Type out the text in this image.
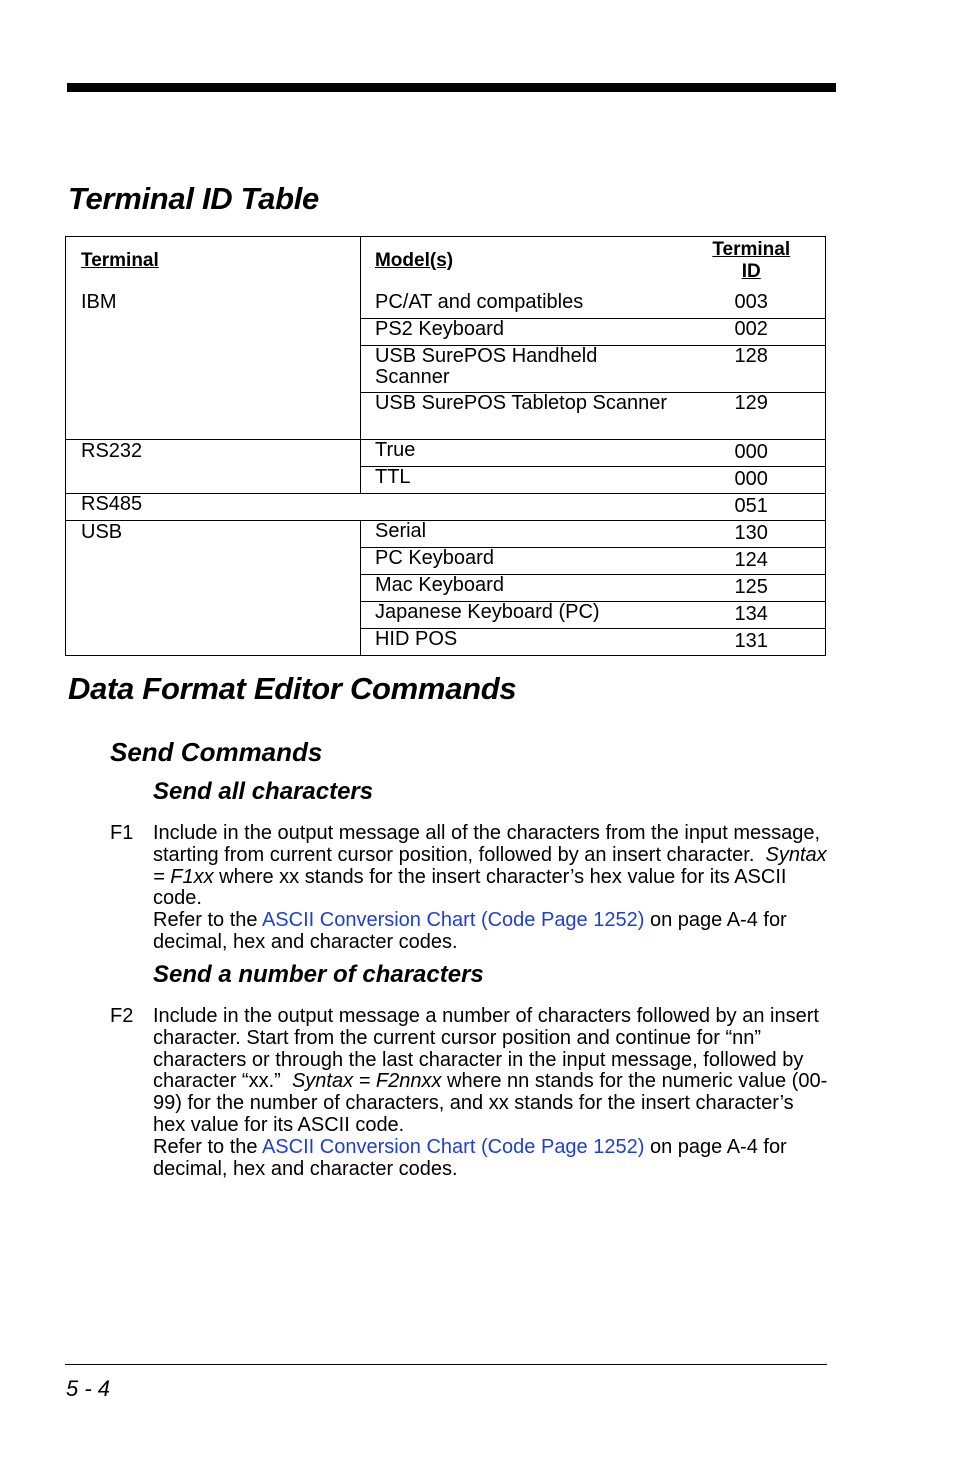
Terminal ID Table
Terminal	Model(s)	Terminal
ID
IBM	PC/AT and compatibles	003
	PS2 Keyboard	002
	USB SurePOS Handheld Scanner	128
	USB SurePOS Tabletop Scanner	129
RS232	True	000
	TTL	000
RS485		051
USB	Serial	130
	PC Keyboard	124
	Mac Keyboard	125
	Japanese Keyboard (PC)	134
	HID POS	131
Data Format Editor Commands
Send Commands
Send all characters
F1 Include in the output message all of the characters from the input message, starting from current cursor position, followed by an insert character. Syntax = F1xx where xx stands for the insert character’s hex value for its ASCII code.
Refer to the ASCII Conversion Chart (Code Page 1252) on page A-4 for decimal, hex and character codes.
Send a number of characters
F2 Include in the output message a number of characters followed by an insert character. Start from the current cursor position and continue for “nn” characters or through the last character in the input message, followed by character “xx.” Syntax = F2nnxx where nn stands for the numeric value (00-99) for the number of characters, and xx stands for the insert character’s hex value for its ASCII code.
Refer to the ASCII Conversion Chart (Code Page 1252) on page A-4 for decimal, hex and character codes.
5 - 4
